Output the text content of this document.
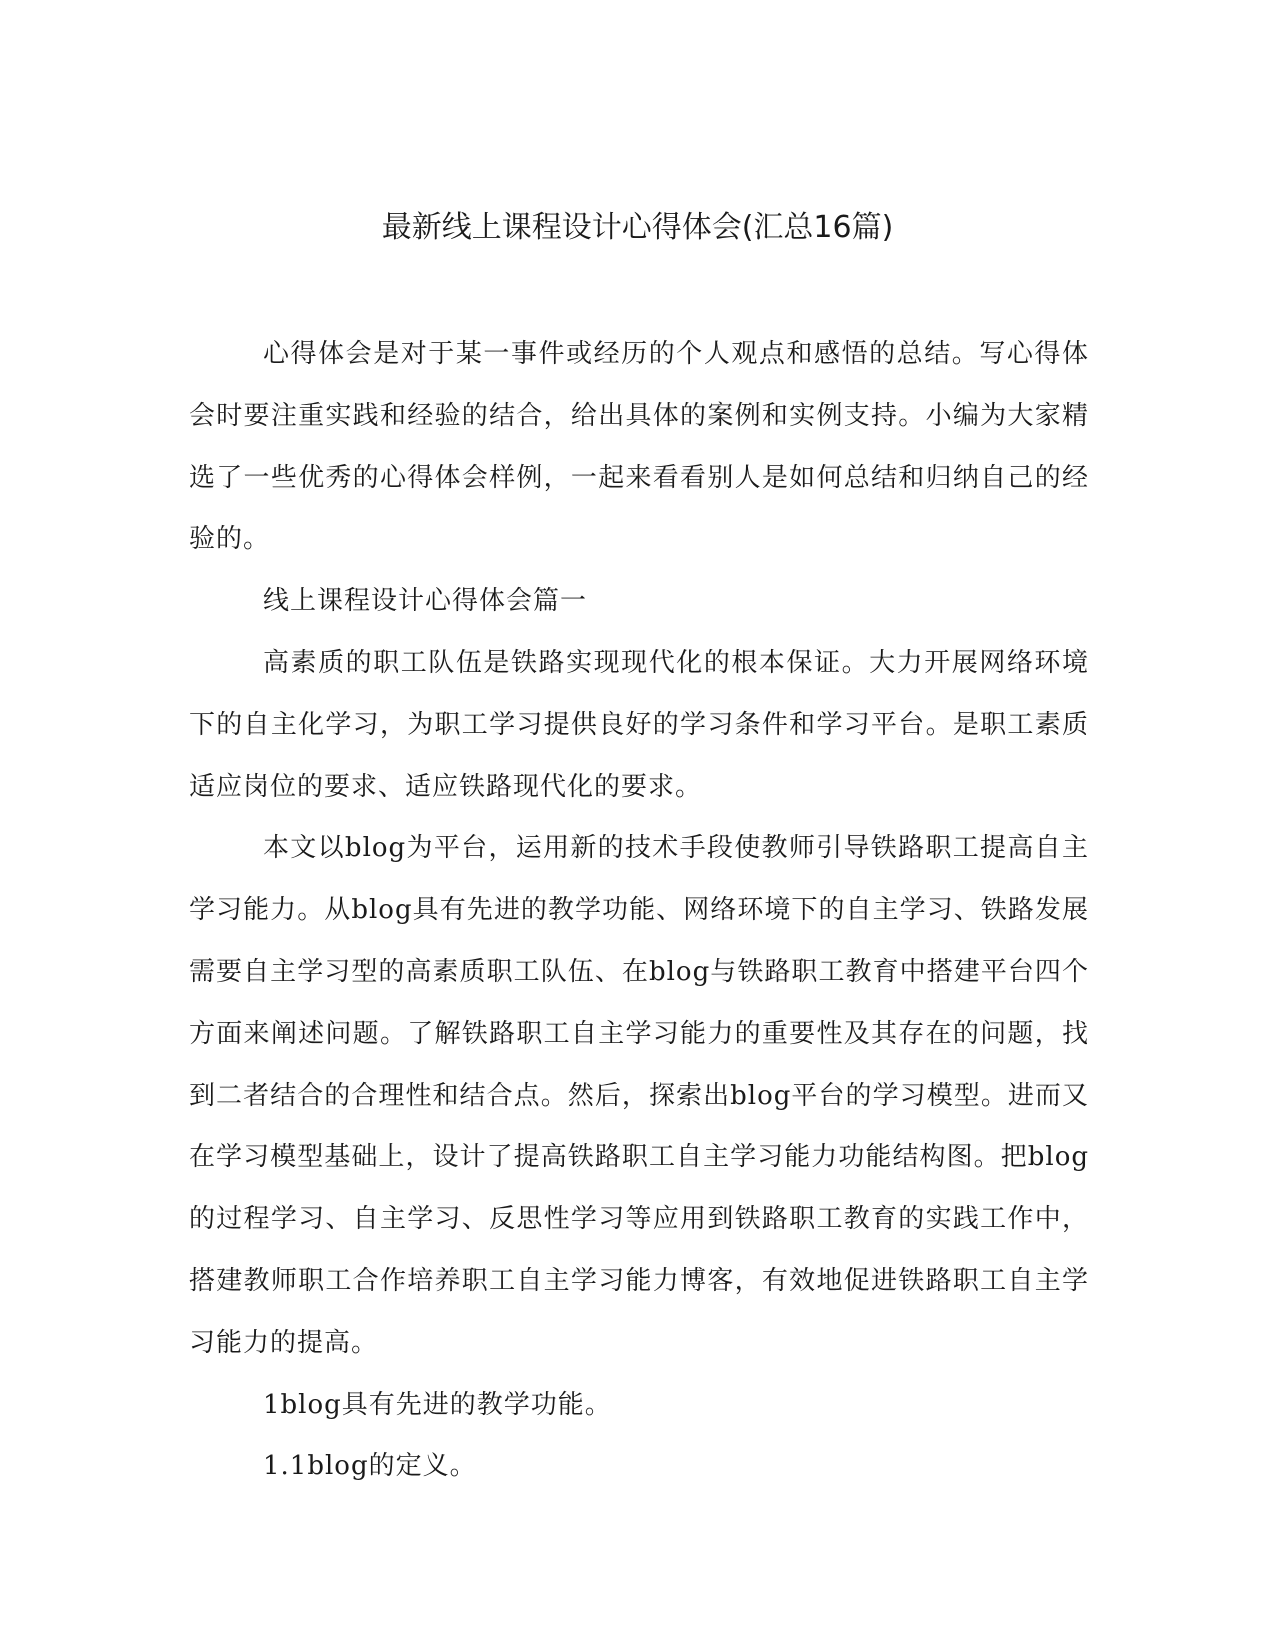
最新线上课程设计心得体会(汇总16篇)

心得体会是对于某一事件或经历的个人观点和感悟的总结。写心得体会时要注重实践和经验的结合，给出具体的案例和实例支持。小编为大家精选了一些优秀的心得体会样例，一起来看看别人是如何总结和归纳自己的经验的。

线上课程设计心得体会篇一

高素质的职工队伍是铁路实现现代化的根本保证。大力开展网络环境下的自主化学习，为职工学习提供良好的学习条件和学习平台。是职工素质适应岗位的要求、适应铁路现代化的要求。

本文以blog为平台，运用新的技术手段使教师引导铁路职工提高自主学习能力。从blog具有先进的教学功能、网络环境下的自主学习、铁路发展需要自主学习型的高素质职工队伍、在blog与铁路职工教育中搭建平台四个方面来阐述问题。了解铁路职工自主学习能力的重要性及其存在的问题，找到二者结合的合理性和结合点。然后，探索出blog平台的学习模型。进而又在学习模型基础上，设计了提高铁路职工自主学习能力功能结构图。把blog的过程学习、自主学习、反思性学习等应用到铁路职工教育的实践工作中，搭建教师职工合作培养职工自主学习能力博客，有效地促进铁路职工自主学习能力的提高。

1blog具有先进的教学功能。

1.1blog的定义。
